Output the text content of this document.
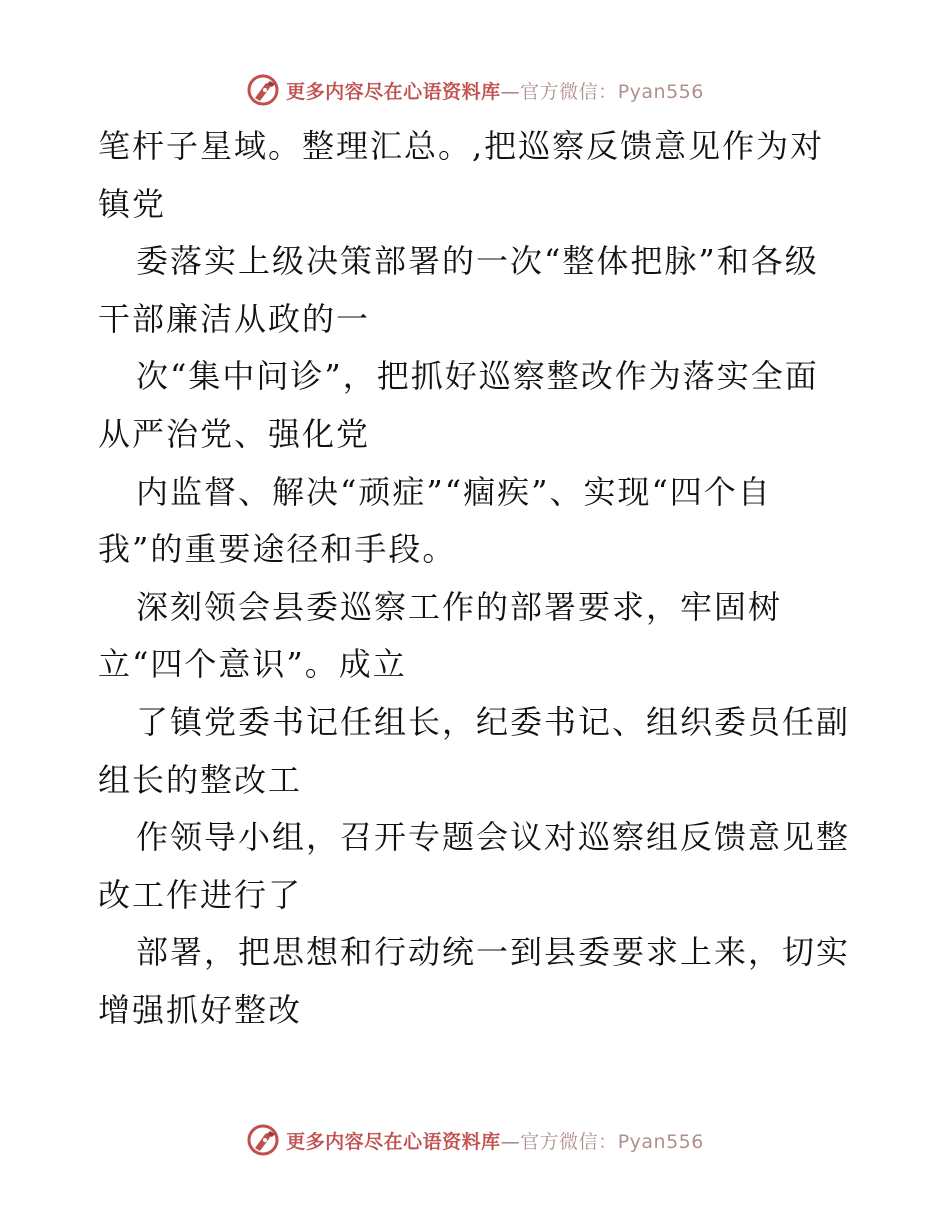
更多内容尽在心语资料库—官方微信：Pyan556
笔杆子星域。整理汇总。,把巡察反馈意见作为对
镇党
委落实上级决策部署的一次“整体把脉”和各级
干部廉洁从政的一
次“集中问诊”，把抓好巡察整改作为落实全面
从严治党、强化党
内监督、解决“顽症”“痼疾”、实现“四个自
我”的重要途径和手段。
深刻领会县委巡察工作的部署要求，牢固树
立“四个意识”。成立
了镇党委书记任组长，纪委书记、组织委员任副
组长的整改工
作领导小组，召开专题会议对巡察组反馈意见整
改工作进行了
部署，把思想和行动统一到县委要求上来，切实
增强抓好整改
更多内容尽在心语资料库—官方微信：Pyan556
